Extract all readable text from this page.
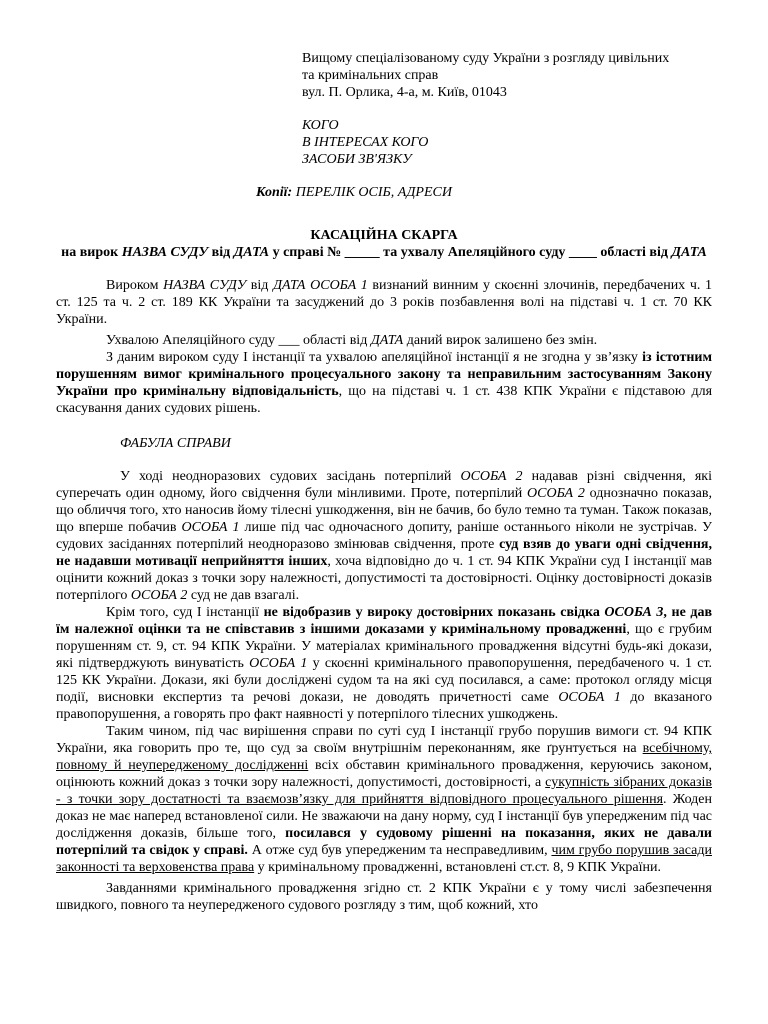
Вищому спеціалізованому суду України з розгляду цивільних
та кримінальних справ
вул. П. Орлика, 4-а, м. Київ, 01043
КОГО
В ІНТЕРЕСАХ КОГО
ЗАСОБИ ЗВ'ЯЗКУ
Копії: ПЕРЕЛІК ОСІБ, АДРЕСИ
КАСАЦІЙНА СКАРГА
на вирок НАЗВА СУДУ від ДАТА у справі № _____ та ухвалу Апеляційного суду ____ області від ДАТА

Вироком НАЗВА СУДУ від ДАТА ОСОБА 1 визнаний винним у скоєнні злочинів, передбачених ч. 1 ст. 125 та ч. 2 ст. 189 КК України та засуджений до 3 років позбавлення волі на підставі ч. 1 ст. 70 КК України.

Ухвалою Апеляційного суду ___ області від ДАТА даний вирок залишено без змін.

З даним вироком суду І інстанції та ухвалою апеляційної інстанції я не згодна у зв’язку із істотним порушенням вимог кримінального процесуального закону та неправильним застосуванням Закону України про кримінальну відповідальність, що на підставі ч. 1 ст. 438 КПК України є підставою для скасування даних судових рішень.

ФАБУЛА СПРАВИ

У ході неодноразових судових засідань потерпілий ОСОБА 2 надавав різні свідчення, які суперечать один одному, його свідчення були мінливими. Проте, потерпілий ОСОБА 2 однозначно показав, що обличчя того, хто наносив йому тілесні ушкодження, він не бачив, бо було темно та туман. Також показав, що вперше побачив ОСОБА 1 лише під час одночасного допиту, раніше останнього ніколи не зустрічав. У судових засіданнях потерпілий неодноразово змінював свідчення, проте суд взяв до уваги одні свідчення, не надавши мотивації неприйняття інших, хоча відповідно до ч. 1 ст. 94 КПК України суд І інстанції мав оцінити кожний доказ з точки зору належності, допустимості та достовірності. Оцінку достовірності доказів потерпілого ОСОБА 2 суд не дав взагалі.

Крім того, суд І інстанції не відобразив у вироку достовірних показань свідка ОСОБА 3, не дав їм належної оцінки та не співставив з іншими доказами у кримінальному провадженні, що є грубим порушенням ст. 9, ст. 94 КПК України. У матеріалах кримінального провадження відсутні будь-які докази, які підтверджують винуватість ОСОБА 1 у скоєнні кримінального правопорушення, передбаченого ч. 1 ст. 125 КК України. Докази, які були досліджені судом та на які суд посилався, а саме: протокол огляду місця події, висновки експертиз та речові докази, не доводять причетності саме ОСОБА 1 до вказаного правопорушення, а говорять про факт наявності у потерпілого тілесних ушкоджень.

Таким чином, під час вирішення справи по суті суд І інстанції грубо порушив вимоги ст. 94 КПК України, яка говорить про те, що суд за своїм внутрішнім переконанням, яке ґрунтується на всебічному, повному й неупередженому дослідженні всіх обставин кримінального провадження, керуючись законом, оцінюють кожний доказ з точки зору належності, допустимості, достовірності, а сукупність зібраних доказів - з точки зору достатності та взаємозв’язку для прийняття відповідного процесуального рішення. Жоден доказ не має наперед встановленої сили. Не зважаючи на дану норму, суд І інстанції був упередженим під час дослідження доказів, більше того, посилався у судовому рішенні на показання, яких не давали потерпілий та свідок у справі. А отже суд був упередженим та несправедливим, чим грубо порушив засади законності та верховенства права у кримінальному провадженні, встановлені ст.ст. 8, 9 КПК України.

Завданнями кримінального провадження згідно ст. 2 КПК України є у тому числі забезпечення швидкого, повного та неупередженого судового розгляду з тим, щоб кожний, хто
